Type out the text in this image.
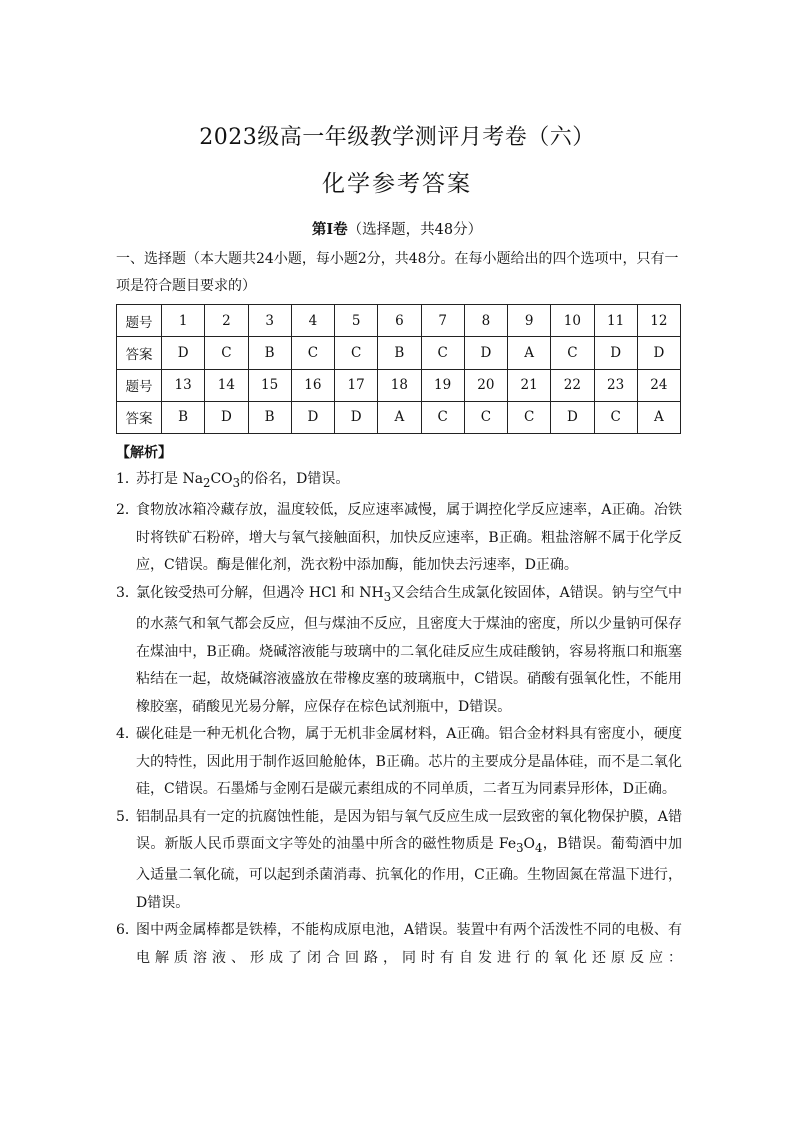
2023级高一年级教学测评月考卷（六）
化学参考答案
第Ⅰ卷（选择题，共48分）
一、选择题（本大题共24小题，每小题2分，共48分。在每小题给出的四个选项中，只有一项是符合题目要求的）
题号	1	2	3	4	5	6	7	8	9	10	11	12
答案	D	C	B	C	C	B	C	D	A	C	D	D
题号	13	14	15	16	17	18	19	20	21	22	23	24
答案	B	D	B	D	D	A	C	C	C	D	C	A
【解析】
1．
苏打是 $Na_2CO_3$的俗名，D错误。
2．
食物放冰箱冷藏存放，温度较低，反应速率减慢，属于调控化学反应速率，A正确。冶铁时将铁矿石粉碎，增大与氧气接触面积，加快反应速率，B正确。粗盐溶解不属于化学反应，C错误。酶是催化剂，洗衣粉中添加酶，能加快去污速率，D正确。
3．
氯化铵受热可分解，但遇冷 HCl 和 $NH_3$又会结合生成氯化铵固体，A错误。钠与空气中的水蒸气和氧气都会反应，但与煤油不反应，且密度大于煤油的密度，所以少量钠可保存在煤油中，B正确。烧碱溶液能与玻璃中的二氧化硅反应生成硅酸钠，容易将瓶口和瓶塞粘结在一起，故烧碱溶液盛放在带橡皮塞的玻璃瓶中，C错误。硝酸有强氧化性，不能用橡胶塞，硝酸见光易分解，应保存在棕色试剂瓶中，D错误。
4．
碳化硅是一种无机化合物，属于无机非金属材料，A正确。铝合金材料具有密度小，硬度大的特性，因此用于制作返回舱舱体，B正确。芯片的主要成分是晶体硅，而不是二氧化硅，C错误。石墨烯与金刚石是碳元素组成的不同单质，二者互为同素异形体，D正确。
5．
铝制品具有一定的抗腐蚀性能，是因为铝与氧气反应生成一层致密的氧化物保护膜，A错误。新版人民币票面文字等处的油墨中所含的磁性物质是 $Fe_3O_4$，B错误。葡萄酒中加入适量二氧化硫，可以起到杀菌消毒、抗氧化的作用，C正确。生物固氮在常温下进行，D错误。
6．
图中两金属棒都是铁棒，不能构成原电池，A错误。装置中有两个活泼性不同的电极、有电解质溶液、形成了闭合回路，同时有自发进行的氧化还原反应：
